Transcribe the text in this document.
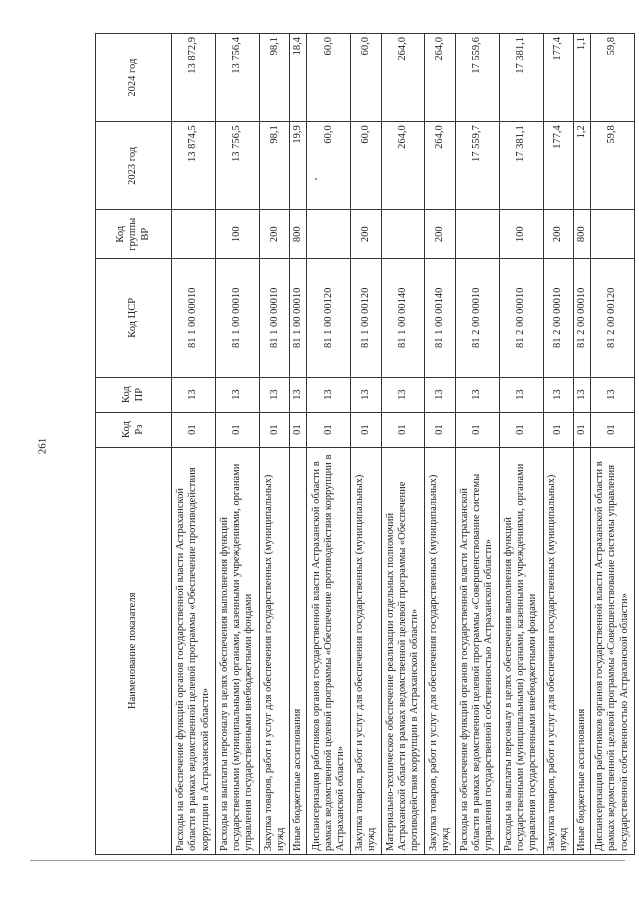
261
Наименование показателя	Код Рз	Код ПР	Код ЦСР	Код группы ВР	2023 год	2024 год
Расходы на обеспечение функций органов государственной власти Астраханской области в рамках ведомственной целевой программы «Обеспечение противодействия коррупции в Астраханской области»	01	13	81 1 00 00010		13 874,5	13 872,9
Расходы на выплаты персоналу в целях обеспечения выполнения функций государственными (муниципальными) органами, казенными учреждениями, органами управления государственными внебюджетными фондами	01	13	81 1 00 00010	100	13 756,5	13 756,4
Закупка товаров, работ и услуг для обеспечения государственных (муниципальных) нужд	01	13	81 1 00 00010	200	98,1	98,1
Иные бюджетные ассигнования	01	13	81 1 00 00010	800	19,9	18,4
Диспансеризация работников органов государственной власти Астраханской области в рамках ведомственной целевой программы «Обеспечение противодействия коррупции в Астраханской области»	01	13	81 1 00 00120		60,0	60,0
Закупка товаров, работ и услуг для обеспечения государственных (муниципальных) нужд	01	13	81 1 00 00120	200	60,0	60,0
Материально-техническое обеспечение реализации отдельных полномочий Астраханской области в рамках ведомственной целевой программы «Обеспечение противодействия коррупции в Астраханской области»	01	13	81 1 00 00140		264,0	264,0
Закупка товаров, работ и услуг для обеспечения государственных (муниципальных) нужд	01	13	81 1 00 00140	200	264,0	264,0
Расходы на обеспечение функций органов государственной власти Астраханской области в рамках ведомственной целевой программы «Совершенствование системы управления государственной собственностью Астраханской области»	01	13	81 2 00 00010		17 559,7	17 559,6
Расходы на выплаты персоналу в целях обеспечения выполнения функций государственными (муниципальными) органами, казенными учреждениями, органами управления государственными внебюджетными фондами	01	13	81 2 00 00010	100	17 381,1	17 381,1
Закупка товаров, работ и услуг для обеспечения государственных (муниципальных) нужд	01	13	81 2 00 00010	200	177,4	177,4
Иные бюджетные ассигнования	01	13	81 2 00 00010	800	1,2	1,1
Диспансеризация работников органов государственной власти Астраханской области в рамках ведомственной целевой программы «Совершенствование системы управления государственной собственностью Астраханской области»	01	13	81 2 00 00120		59,8	59,8
